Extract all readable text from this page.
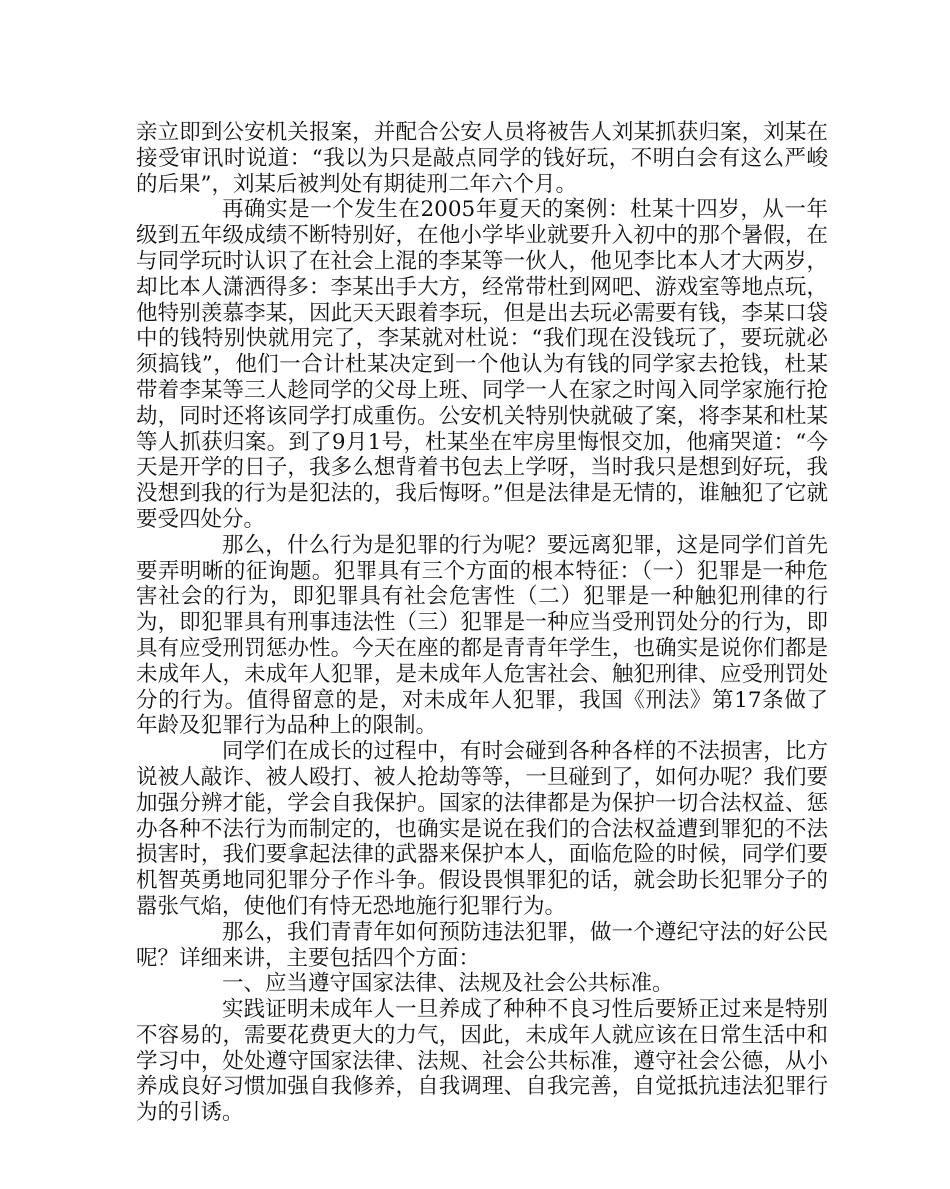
亲立即到公安机关报案，并配合公安人员将被告人刘某抓获归案，刘某在接受审讯时说道：“我以为只是敲点同学的钱好玩，不明白会有这么严峻的后果”，刘某后被判处有期徒刑二年六个月。

再确实是一个发生在2005年夏天的案例：杜某十四岁，从一年级到五年级成绩不断特别好，在他小学毕业就要升入初中的那个暑假，在与同学玩时认识了在社会上混的李某等一伙人，他见李比本人才大两岁，却比本人潇洒得多：李某出手大方，经常带杜到网吧、游戏室等地点玩，他特别羡慕李某，因此天天跟着李玩，但是出去玩必需要有钱，李某口袋中的钱特别快就用完了，李某就对杜说：“我们现在没钱玩了，要玩就必须搞钱”，他们一合计杜某决定到一个他认为有钱的同学家去抢钱，杜某带着李某等三人趁同学的父母上班、同学一人在家之时闯入同学家施行抢劫，同时还将该同学打成重伤。公安机关特别快就破了案，将李某和杜某等人抓获归案。到了9月1号，杜某坐在牢房里悔恨交加，他痛哭道：“今天是开学的日子，我多么想背着书包去上学呀，当时我只是想到好玩，我没想到我的行为是犯法的，我后悔呀。”但是法律是无情的，谁触犯了它就要受四处分。

那么，什么行为是犯罪的行为呢？要远离犯罪，这是同学们首先要弄明晰的征询题。犯罪具有三个方面的根本特征：（一）犯罪是一种危害社会的行为，即犯罪具有社会危害性（二）犯罪是一种触犯刑律的行为，即犯罪具有刑事违法性（三）犯罪是一种应当受刑罚处分的行为，即具有应受刑罚惩办性。今天在座的都是青青年学生，也确实是说你们都是未成年人，未成年人犯罪，是未成年人危害社会、触犯刑律、应受刑罚处分的行为。值得留意的是，对未成年人犯罪，我国《刑法》第17条做了年龄及犯罪行为品种上的限制。

同学们在成长的过程中，有时会碰到各种各样的不法损害，比方说被人敲诈、被人殴打、被人抢劫等等，一旦碰到了，如何办呢？我们要加强分辨才能，学会自我保护。国家的法律都是为保护一切合法权益、惩办各种不法行为而制定的，也确实是说在我们的合法权益遭到罪犯的不法损害时，我们要拿起法律的武器来保护本人，面临危险的时候，同学们要机智英勇地同犯罪分子作斗争。假设畏惧罪犯的话，就会助长犯罪分子的嚣张气焰，使他们有恃无恐地施行犯罪行为。

那么，我们青青年如何预防违法犯罪，做一个遵纪守法的好公民呢？详细来讲，主要包括四个方面：

一、应当遵守国家法律、法规及社会公共标准。

实践证明未成年人一旦养成了种种不良习性后要矫正过来是特别不容易的，需要花费更大的力气，因此，未成年人就应该在日常生活中和学习中，处处遵守国家法律、法规、社会公共标准，遵守社会公德，从小养成良好习惯加强自我修养，自我调理、自我完善，自觉抵抗违法犯罪行为的引诱。
